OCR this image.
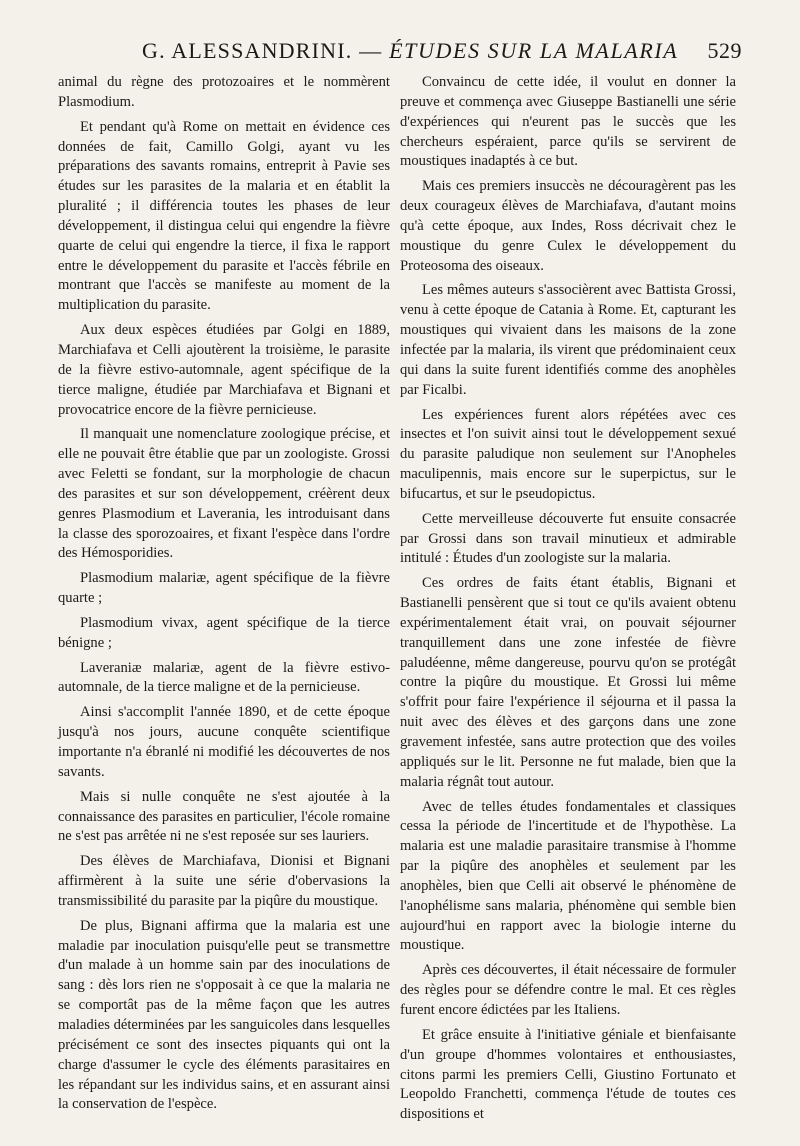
G. ALESSANDRINI. — ÉTUDES SUR LA MALARIA 529

animal du règne des protozoaires et le nommèrent Plasmodium.

Et pendant qu'à Rome on mettait en évidence ces données de fait, Camillo Golgi, ayant vu les préparations des savants romains, entreprit à Pavie ses études sur les parasites de la malaria et en établit la pluralité ; il différencia toutes les phases de leur développement, il distingua celui qui engendre la fièvre quarte de celui qui engendre la tierce, il fixa le rapport entre le développement du parasite et l'accès fébrile en montrant que l'accès se manifeste au moment de la multiplication du parasite.

Aux deux espèces étudiées par Golgi en 1889, Marchiafava et Celli ajoutèrent la troisième, le parasite de la fièvre estivo-automnale, agent spécifique de la tierce maligne, étudiée par Marchiafava et Bignani et provocatrice encore de la fièvre pernicieuse.

Il manquait une nomenclature zoologique précise, et elle ne pouvait être établie que par un zoologiste. Grossi avec Feletti se fondant, sur la morphologie de chacun des parasites et sur son développement, créèrent deux genres Plasmodium et Laverania, les introduisant dans la classe des sporozoaires, et fixant l'espèce dans l'ordre des Hémosporidies.

Plasmodium malariæ, agent spécifique de la fièvre quarte ;

Plasmodium vivax, agent spécifique de la tierce bénigne ;

Laveraniæ malariæ, agent de la fièvre estivo-automnale, de la tierce maligne et de la pernicieuse.

Ainsi s'accomplit l'année 1890, et de cette époque jusqu'à nos jours, aucune conquête scientifique importante n'a ébranlé ni modifié les découvertes de nos savants.

Mais si nulle conquête ne s'est ajoutée à la connaissance des parasites en particulier, l'école romaine ne s'est pas arrêtée ni ne s'est reposée sur ses lauriers.

Des élèves de Marchiafava, Dionisi et Bignani affirmèrent à la suite une série d'obervasions la transmissibilité du parasite par la piqûre du moustique.

De plus, Bignani affirma que la malaria est une maladie par inoculation puisqu'elle peut se transmettre d'un malade à un homme sain par des inoculations de sang : dès lors rien ne s'opposait à ce que la malaria ne se comportât pas de la même façon que les autres maladies déterminées par les sanguicoles dans lesquelles précisément ce sont des insectes piquants qui ont la charge d'assumer le cycle des éléments parasitaires en les répandant sur les individus sains, et en assurant ainsi la conservation de l'espèce.

Convaincu de cette idée, il voulut en donner la preuve et commença avec Giuseppe Bastianelli une série d'expériences qui n'eurent pas le succès que les chercheurs espéraient, parce qu'ils se servirent de moustiques inadaptés à ce but.

Mais ces premiers insuccès ne découragèrent pas les deux courageux élèves de Marchiafava, d'autant moins qu'à cette époque, aux Indes, Ross décrivait chez le moustique du genre Culex le développement du Proteosoma des oiseaux.

Les mêmes auteurs s'associèrent avec Battista Grossi, venu à cette époque de Catania à Rome. Et, capturant les moustiques qui vivaient dans les maisons de la zone infectée par la malaria, ils virent que prédominaient ceux qui dans la suite furent identifiés comme des anophèles par Ficalbi.

Les expériences furent alors répétées avec ces insectes et l'on suivit ainsi tout le développement sexué du parasite paludique non seulement sur l'Anopheles maculipennis, mais encore sur le superpictus, sur le bifucartus, et sur le pseudopictus.

Cette merveilleuse découverte fut ensuite consacrée par Grossi dans son travail minutieux et admirable intitulé : Études d'un zoologiste sur la malaria.

Ces ordres de faits étant établis, Bignani et Bastianelli pensèrent que si tout ce qu'ils avaient obtenu expérimentalement était vrai, on pouvait séjourner tranquillement dans une zone infestée de fièvre paludéenne, même dangereuse, pourvu qu'on se protégât contre la piqûre du moustique. Et Grossi lui même s'offrit pour faire l'expérience il séjourna et il passa la nuit avec des élèves et des garçons dans une zone gravement infestée, sans autre protection que des voiles appliqués sur le lit. Personne ne fut malade, bien que la malaria régnât tout autour.

Avec de telles études fondamentales et classiques cessa la période de l'incertitude et de l'hypothèse. La malaria est une maladie parasitaire transmise à l'homme par la piqûre des anophèles et seulement par les anophèles, bien que Celli ait observé le phénomène de l'anophélisme sans malaria, phénomène qui semble bien aujourd'hui en rapport avec la biologie interne du moustique.

Après ces découvertes, il était nécessaire de formuler des règles pour se défendre contre le mal. Et ces règles furent encore édictées par les Italiens.

Et grâce ensuite à l'initiative géniale et bienfaisante d'un groupe d'hommes volontaires et enthousiastes, citons parmi les premiers Celli, Giustino Fortunato et Leopoldo Franchetti, commença l'étude de toutes ces dispositions et
